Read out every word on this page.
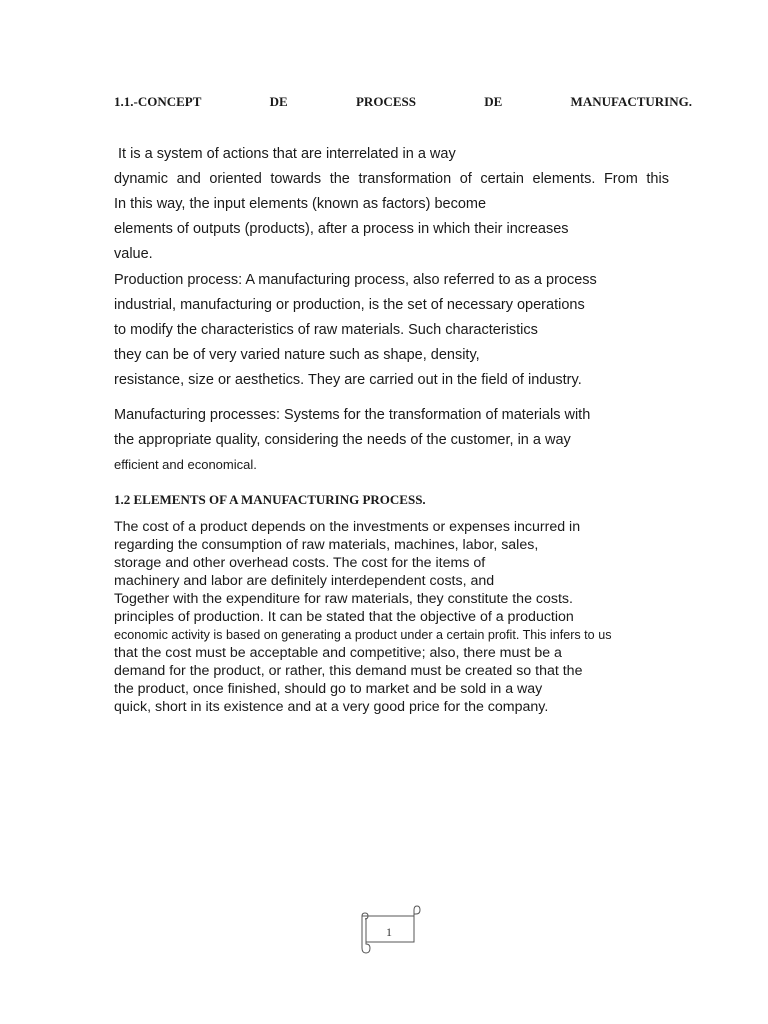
1.1.-CONCEPT	DE	PROCESS	DE	MANUFACTURING.
It is a system of actions that are interrelated in a way
dynamic and oriented towards the transformation of certain elements. From this
In this way, the input elements (known as factors) become
elements of outputs (products), after a process in which their increases
value.
Production process: A manufacturing process, also referred to as a process
industrial, manufacturing or production, is the set of necessary operations
to modify the characteristics of raw materials. Such characteristics
they can be of very varied nature such as shape, density,
resistance, size or aesthetics. They are carried out in the field of industry.
Manufacturing processes: Systems for the transformation of materials with
the appropriate quality, considering the needs of the customer, in a way
efficient and economical.
1.2 ELEMENTS OF A MANUFACTURING PROCESS.
The cost of a product depends on the investments or expenses incurred in
regarding the consumption of raw materials, machines, labor, sales,
storage and other overhead costs. The cost for the items of
machinery and labor are definitely interdependent costs, and
Together with the expenditure for raw materials, they constitute the costs.
principles of production. It can be stated that the objective of a production
economic activity is based on generating a product under a certain profit. This infers to us
that the cost must be acceptable and competitive; also, there must be a
demand for the product, or rather, this demand must be created so that the
the product, once finished, should go to market and be sold in a way
quick, short in its existence and at a very good price for the company.
1
